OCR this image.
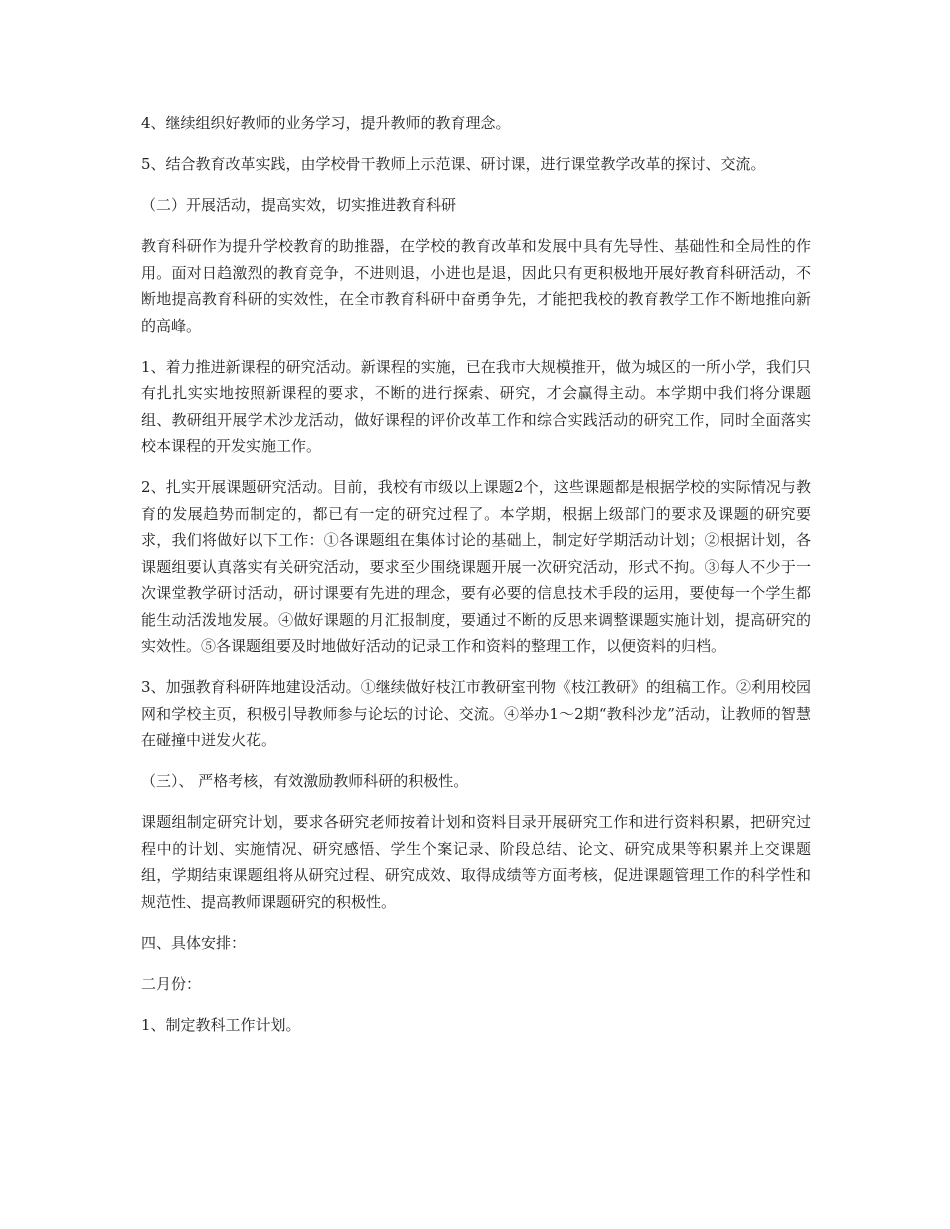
4、继续组织好教师的业务学习，提升教师的教育理念。

5、结合教育改革实践，由学校骨干教师上示范课、研讨课，进行课堂教学改革的探讨、交流。

（二）开展活动，提高实效，切实推进教育科研

教育科研作为提升学校教育的助推器，在学校的教育改革和发展中具有先导性、基础性和全局性的作用。面对日趋激烈的教育竞争，不进则退，小进也是退，因此只有更积极地开展好教育科研活动，不断地提高教育科研的实效性，在全市教育科研中奋勇争先，才能把我校的教育教学工作不断地推向新的高峰。

1、着力推进新课程的研究活动。新课程的实施，已在我市大规模推开，做为城区的一所小学，我们只有扎扎实实地按照新课程的要求，不断的进行探索、研究，才会赢得主动。本学期中我们将分课题组、教研组开展学术沙龙活动，做好课程的评价改革工作和综合实践活动的研究工作，同时全面落实校本课程的开发实施工作。

2、扎实开展课题研究活动。目前，我校有市级以上课题2个，这些课题都是根据学校的实际情况与教育的发展趋势而制定的，都已有一定的研究过程了。本学期，根据上级部门的要求及课题的研究要求，我们将做好以下工作：①各课题组在集体讨论的基础上，制定好学期活动计划；②根据计划，各课题组要认真落实有关研究活动，要求至少围绕课题开展一次研究活动，形式不拘。③每人不少于一次课堂教学研讨活动，研讨课要有先进的理念，要有必要的信息技术手段的运用，要使每一个学生都能生动活泼地发展。④做好课题的月汇报制度，要通过不断的反思来调整课题实施计划，提高研究的实效性。⑤各课题组要及时地做好活动的记录工作和资料的整理工作，以便资料的归档。

3、加强教育科研阵地建设活动。①继续做好枝江市教研室刊物《枝江教研》的组稿工作。②利用校园网和学校主页，积极引导教师参与论坛的讨论、交流。④举办1～2期“教科沙龙”活动，让教师的智慧在碰撞中迸发火花。

（三）、 严格考核，有效激励教师科研的积极性。

课题组制定研究计划，要求各研究老师按着计划和资料目录开展研究工作和进行资料积累，把研究过程中的计划、实施情况、研究感悟、学生个案记录、阶段总结、论文、研究成果等积累并上交课题组，学期结束课题组将从研究过程、研究成效、取得成绩等方面考核，促进课题管理工作的科学性和规范性、提高教师课题研究的积极性。

四、具体安排：

二月份：

1、制定教科工作计划。
